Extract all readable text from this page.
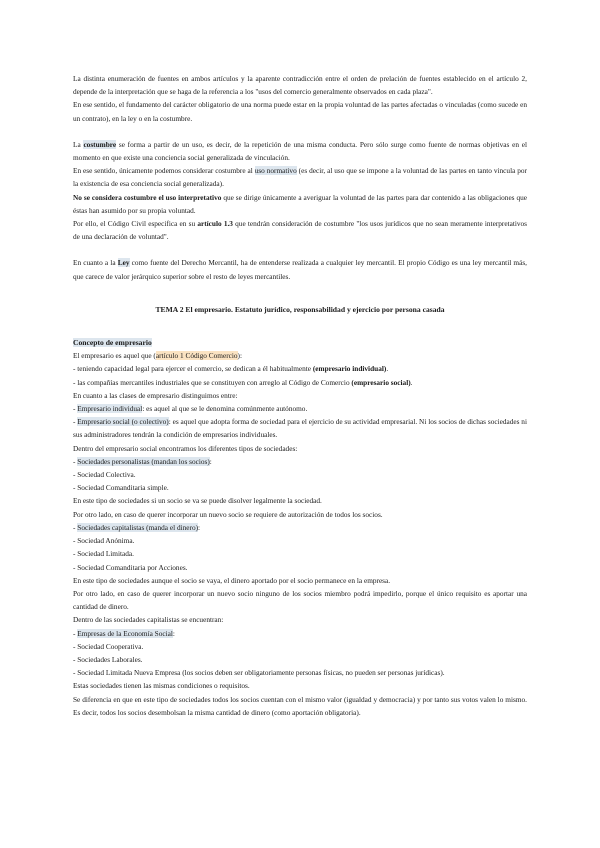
La distinta enumeración de fuentes en ambos artículos y la aparente contradicción entre el orden de prelación de fuentes establecido en el artículo 2, depende de la interpretación que se haga de la referencia a los "usos del comercio generalmente observados en cada plaza".

En ese sentido, el fundamento del carácter obligatorio de una norma puede estar en la propia voluntad de las partes afectadas o vinculadas (como sucede en un contrato), en la ley o en la costumbre.

La costumbre se forma a partir de un uso, es decir, de la repetición de una misma conducta. Pero sólo surge como fuente de normas objetivas en el momento en que existe una conciencia social generalizada de vinculación.

En ese sentido, únicamente podemos considerar costumbre al uso normativo (es decir, al uso que se impone a la voluntad de las partes en tanto vincula por la existencia de esa conciencia social generalizada).

No se considera costumbre el uso interpretativo que se dirige únicamente a averiguar la voluntad de las partes para dar contenido a las obligaciones que éstas han asumido por su propia voluntad.

Por ello, el Código Civil especifica en su artículo 1.3 que tendrán consideración de costumbre "los usos jurídicos que no sean meramente interpretativos de una declaración de voluntad".

En cuanto a la Ley como fuente del Derecho Mercantil, ha de entenderse realizada a cualquier ley mercantil. El propio Código es una ley mercantil más, que carece de valor jerárquico superior sobre el resto de leyes mercantiles.

TEMA 2 El empresario. Estatuto jurídico, responsabilidad y ejercicio por persona casada

Concepto de empresario

El empresario es aquel que (artículo 1 Código Comercio):

- teniendo capacidad legal para ejercer el comercio, se dedican a él habitualmente (empresario individual).

- las compañías mercantiles industriales que se constituyen con arreglo al Código de Comercio (empresario social).

En cuanto a las clases de empresario distinguimos entre:

- Empresario individual: es aquel al que se le denomina comúnmente autónomo.

- Empresario social (o colectivo): es aquel que adopta forma de sociedad para el ejercicio de su actividad empresarial. Ni los socios de dichas sociedades ni sus administradores tendrán la condición de empresarios individuales.

Dentro del empresario social encontramos los diferentes tipos de sociedades:

- Sociedades personalistas (mandan los socios):

- Sociedad Colectiva.

- Sociedad Comanditaria simple.

En este tipo de sociedades si un socio se va se puede disolver legalmente la sociedad.

Por otro lado, en caso de querer incorporar un nuevo socio se requiere de autorización de todos los socios.

- Sociedades capitalistas (manda el dinero):

- Sociedad Anónima.

- Sociedad Limitada.

- Sociedad Comanditaria por Acciones.

En este tipo de sociedades aunque el socio se vaya, el dinero aportado por el socio permanece en la empresa.

Por otro lado, en caso de querer incorporar un nuevo socio ninguno de los socios miembro podrá impedirlo, porque el único requisito es aportar una cantidad de dinero.

Dentro de las sociedades capitalistas se encuentran:

- Empresas de la Economía Social:

- Sociedad Cooperativa.

- Sociedades Laborales.

- Sociedad Limitada Nueva Empresa (los socios deben ser obligatoriamente personas físicas, no pueden ser personas jurídicas).

Estas sociedades tienen las mismas condiciones o requisitos.

Se diferencia en que en este tipo de sociedades todos los socios cuentan con el mismo valor (igualdad y democracia) y por tanto sus votos valen lo mismo. Es decir, todos los socios desembolsan la misma cantidad de dinero (como aportación obligatoria).
